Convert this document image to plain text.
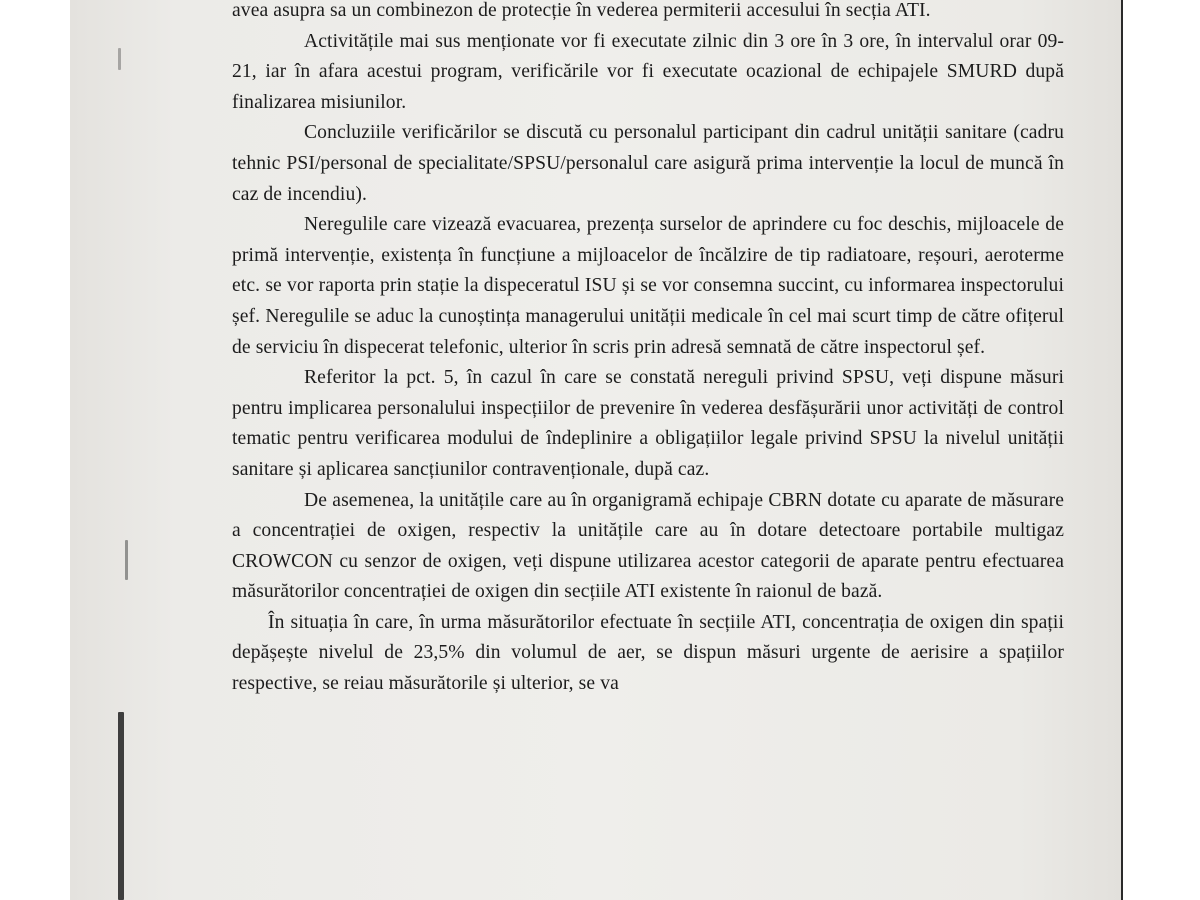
avea asupra sa un combinezon de protecție în vederea permiterii accesului în secția ATI.

Activitățile mai sus menționate vor fi executate zilnic din 3 ore în 3 ore, în intervalul orar 09-21, iar în afara acestui program, verificările vor fi executate ocazional de echipajele SMURD după finalizarea misiunilor.

Concluziile verificărilor se discută cu personalul participant din cadrul unității sanitare (cadru tehnic PSI/personal de specialitate/SPSU/personalul care asigură prima intervenție la locul de muncă în caz de incendiu).

Neregulile care vizează evacuarea, prezența surselor de aprindere cu foc deschis, mijloacele de primă intervenție, existența în funcțiune a mijloacelor de încălzire de tip radiatoare, reșouri, aeroterme etc. se vor raporta prin stație la dispeceratul ISU și se vor consemna succint, cu informarea inspectorului șef. Neregulile se aduc la cunoștința managerului unității medicale în cel mai scurt timp de către ofițerul de serviciu în dispecerat telefonic, ulterior în scris prin adresă semnată de către inspectorul șef.

Referitor la pct. 5, în cazul în care se constată nereguli privind SPSU, veți dispune măsuri pentru implicarea personalului inspecțiilor de prevenire în vederea desfășurării unor activități de control tematic pentru verificarea modului de îndeplinire a obligațiilor legale privind SPSU la nivelul unității sanitare și aplicarea sancțiunilor contravenționale, după caz.

De asemenea, la unitățile care au în organigramă echipaje CBRN dotate cu aparate de măsurare a concentrației de oxigen, respectiv la unitățile care au în dotare detectoare portabile multigaz CROWCON cu senzor de oxigen, veți dispune utilizarea acestor categorii de aparate pentru efectuarea măsurătorilor concentrației de oxigen din secțiile ATI existente în raionul de bază.

În situația în care, în urma măsurătorilor efectuate în secțiile ATI, concentrația de oxigen din spații depășește nivelul de 23,5% din volumul de aer, se dispun măsuri urgente de aerisire a spațiilor respective, se reiau măsurătorile și ulterior, se va
